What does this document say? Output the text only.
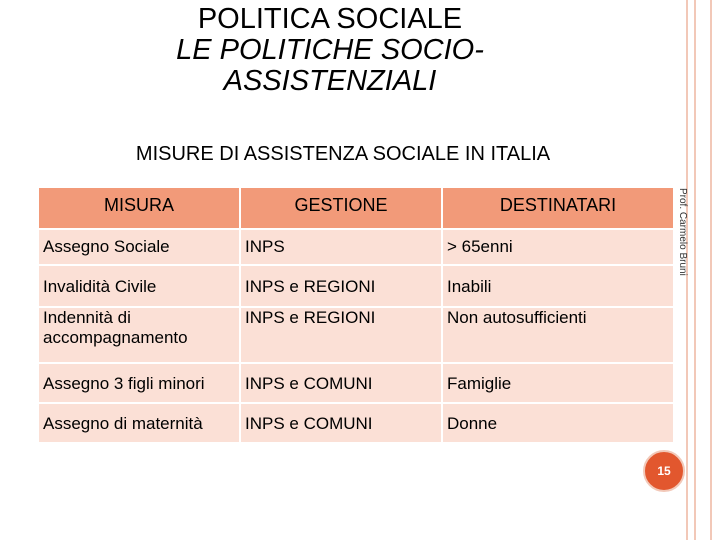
POLITICA SOCIALE
LE POLITICHE SOCIO-
ASSISTENZIALI
MISURE DI ASSISTENZA SOCIALE IN ITALIA
MISURA	GESTIONE	DESTINATARI

Assegno Sociale	INPS	> 65enni
Invalidità Civile	INPS e REGIONI	Inabili
Indennità di accompagnamento	INPS e REGIONI	Non autosufficienti
Assegno 3 figli minori	INPS e COMUNI	Famiglie
Assegno di maternità	INPS e COMUNI	Donne
Prof. Carmelo Bruni
15
